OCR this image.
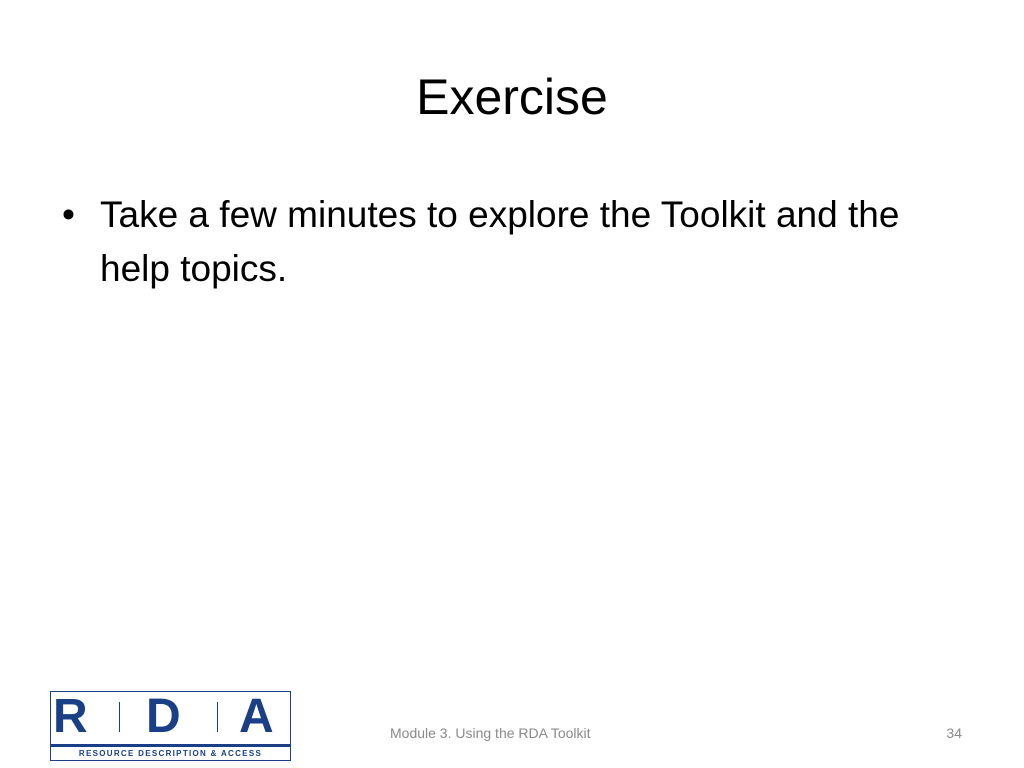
Exercise
• Take a few minutes to explore the Toolkit and the help topics.
R D A
RESOURCE DESCRIPTION & ACCESS
Module 3. Using the RDA Toolkit	34
